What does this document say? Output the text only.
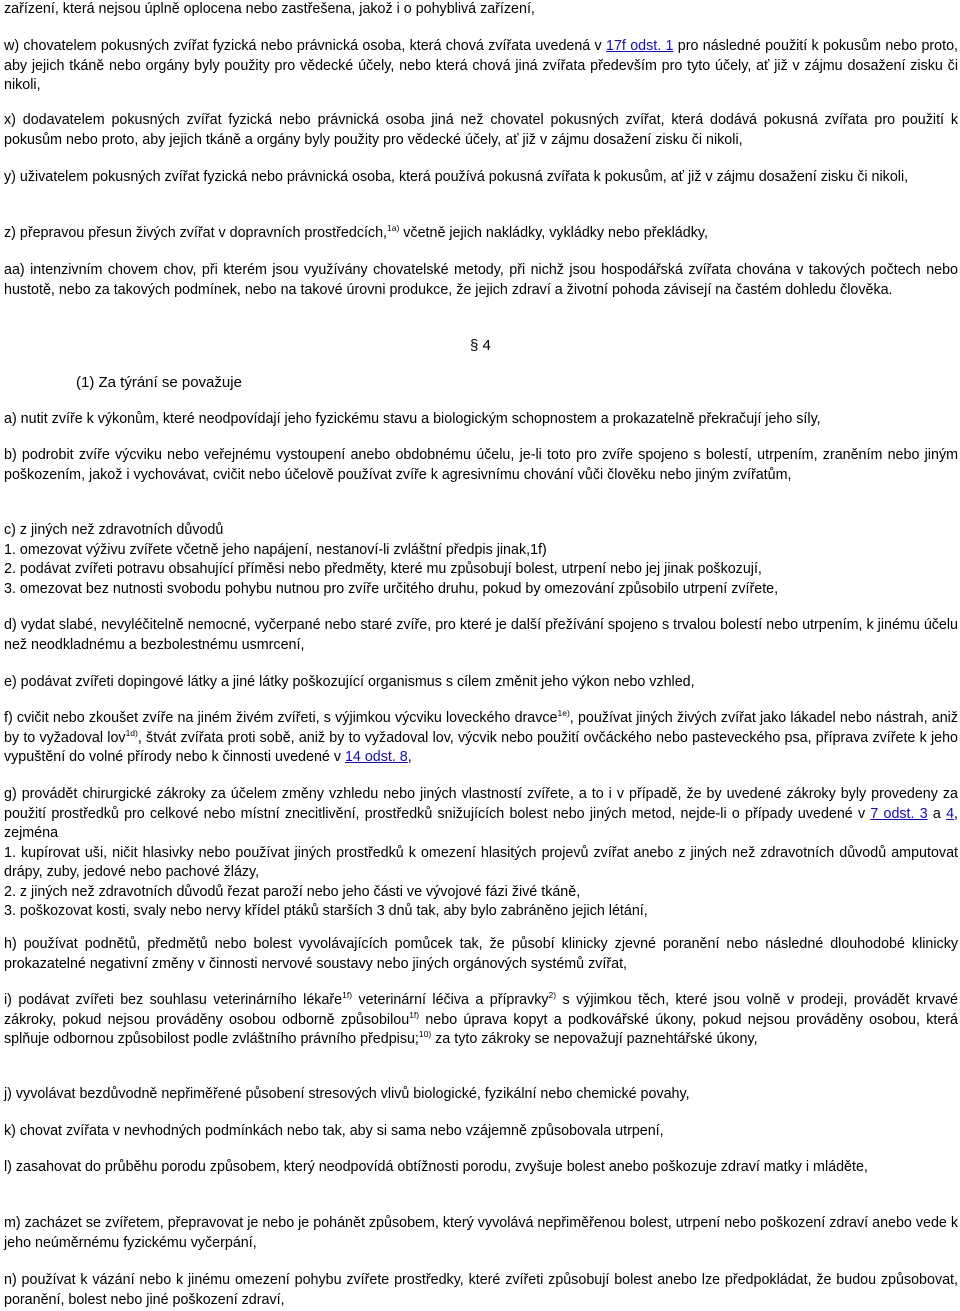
zařízení, která nejsou úplně oplocena nebo zastřešena, jakož i o pohyblivá zařízení,

w) chovatelem pokusných zvířat fyzická nebo právnická osoba, která chová zvířata uvedená v 17f odst. 1 pro následné použití k pokusům nebo proto, aby jejich tkáně nebo orgány byly použity pro vědecké účely, nebo která chová jiná zvířata především pro tyto účely, ať již v zájmu dosažení zisku či nikoli,

x) dodavatelem pokusných zvířat fyzická nebo právnická osoba jiná než chovatel pokusných zvířat, která dodává pokusná zvířata pro použití k pokusům nebo proto, aby jejich tkáně a orgány byly použity pro vědecké účely, ať již v zájmu dosažení zisku či nikoli,

y) uživatelem pokusných zvířat fyzická nebo právnická osoba, která používá pokusná zvířata k pokusům, ať již v zájmu dosažení zisku či nikoli,

z) přepravou přesun živých zvířat v dopravních prostředcích,$^{1a)}$ včetně jejich nakládky, vykládky nebo překládky,

aa) intenzivním chovem chov, při kterém jsou využívány chovatelské metody, při nichž jsou hospodářská zvířata chována v takových počtech nebo hustotě, nebo za takových podmínek, nebo na takové úrovni produkce, že jejich zdraví a životní pohoda závisejí na častém dohledu člověka.

§ 4
(1) Za týrání se považuje

a) nutit zvíře k výkonům, které neodpovídají jeho fyzickému stavu a biologickým schopnostem a prokazatelně překračují jeho síly,

b) podrobit zvíře výcviku nebo veřejnému vystoupení anebo obdobnému účelu, je-li toto pro zvíře spojeno s bolestí, utrpením, zraněním nebo jiným poškozením, jakož i vychovávat, cvičit nebo účelově používat zvíře k agresivnímu chování vůči člověku nebo jiným zvířatům,

c) z jiných než zdravotních důvodů

1. omezovat výživu zvířete včetně jeho napájení, nestanoví-li zvláštní předpis jinak,1f)

2. podávat zvířeti potravu obsahující příměsi nebo předměty, které mu způsobují bolest, utrpení nebo jej jinak poškozují,

3. omezovat bez nutnosti svobodu pohybu nutnou pro zvíře určitého druhu, pokud by omezování způsobilo utrpení zvířete,

d) vydat slabé, nevyléčitelně nemocné, vyčerpané nebo staré zvíře, pro které je další přežívání spojeno s trvalou bolestí nebo utrpením, k jinému účelu než neodkladnému a bezbolestnému usmrcení,

e) podávat zvířeti dopingové látky a jiné látky poškozující organismus s cílem změnit jeho výkon nebo vzhled,

f) cvičit nebo zkoušet zvíře na jiném živém zvířeti, s výjimkou výcviku loveckého dravce$^{1e)}$, používat jiných živých zvířat jako lákadel nebo nástrah, aniž by to vyžadoval lov$^{1d)}$, štvát zvířata proti sobě, aniž by to vyžadoval lov, výcvik nebo použití ovčáckého nebo pasteveckého psa, příprava zvířete k jeho vypuštění do volné přírody nebo k činnosti uvedené v 14 odst. 8,

g) provádět chirurgické zákroky za účelem změny vzhledu nebo jiných vlastností zvířete, a to i v případě, že by uvedené zákroky byly provedeny za použití prostředků pro celkové nebo místní znecitlivění, prostředků snižujících bolest nebo jiných metod, nejde-li o případy uvedené v 7 odst. 3 a 4, zejména

1. kupírovat uši, ničit hlasivky nebo používat jiných prostředků k omezení hlasitých projevů zvířat anebo z jiných než zdravotních důvodů amputovat drápy, zuby, jedové nebo pachové žlázy,

2. z jiných než zdravotních důvodů řezat paroží nebo jeho části ve vývojové fázi živé tkáně,

3. poškozovat kosti, svaly nebo nervy křídel ptáků starších 3 dnů tak, aby bylo zabráněno jejich létání,

h) používat podnětů, předmětů nebo bolest vyvolávajících pomůcek tak, že působí klinicky zjevné poranění nebo následné dlouhodobé klinicky prokazatelné negativní změny v činnosti nervové soustavy nebo jiných orgánových systémů zvířat,

i) podávat zvířeti bez souhlasu veterinárního lékaře$^{1f)}$ veterinární léčiva a přípravky$^{2)}$ s výjimkou těch, které jsou volně v prodeji, provádět krvavé zákroky, pokud nejsou prováděny osobou odborně způsobilou$^{1f)}$ nebo úprava kopyt a podkovářské úkony, pokud nejsou prováděny osobou, která splňuje odbornou způsobilost podle zvláštního právního předpisu;$^{10)}$ za tyto zákroky se nepovažují paznehtářské úkony,

j) vyvolávat bezdůvodně nepřiměřené působení stresových vlivů biologické, fyzikální nebo chemické povahy,

k) chovat zvířata v nevhodných podmínkách nebo tak, aby si sama nebo vzájemně způsobovala utrpení,

l) zasahovat do průběhu porodu způsobem, který neodpovídá obtížnosti porodu, zvyšuje bolest anebo poškozuje zdraví matky i mláděte,

m) zacházet se zvířetem, přepravovat je nebo je pohánět způsobem, který vyvolává nepřiměřenou bolest, utrpení nebo poškození zdraví anebo vede k jeho neúměrnému fyzickému vyčerpání,

n) používat k vázání nebo k jinému omezení pohybu zvířete prostředky, které zvířeti způsobují bolest anebo lze předpokládat, že budou způsobovat, poranění, bolest nebo jiné poškození zdraví,
